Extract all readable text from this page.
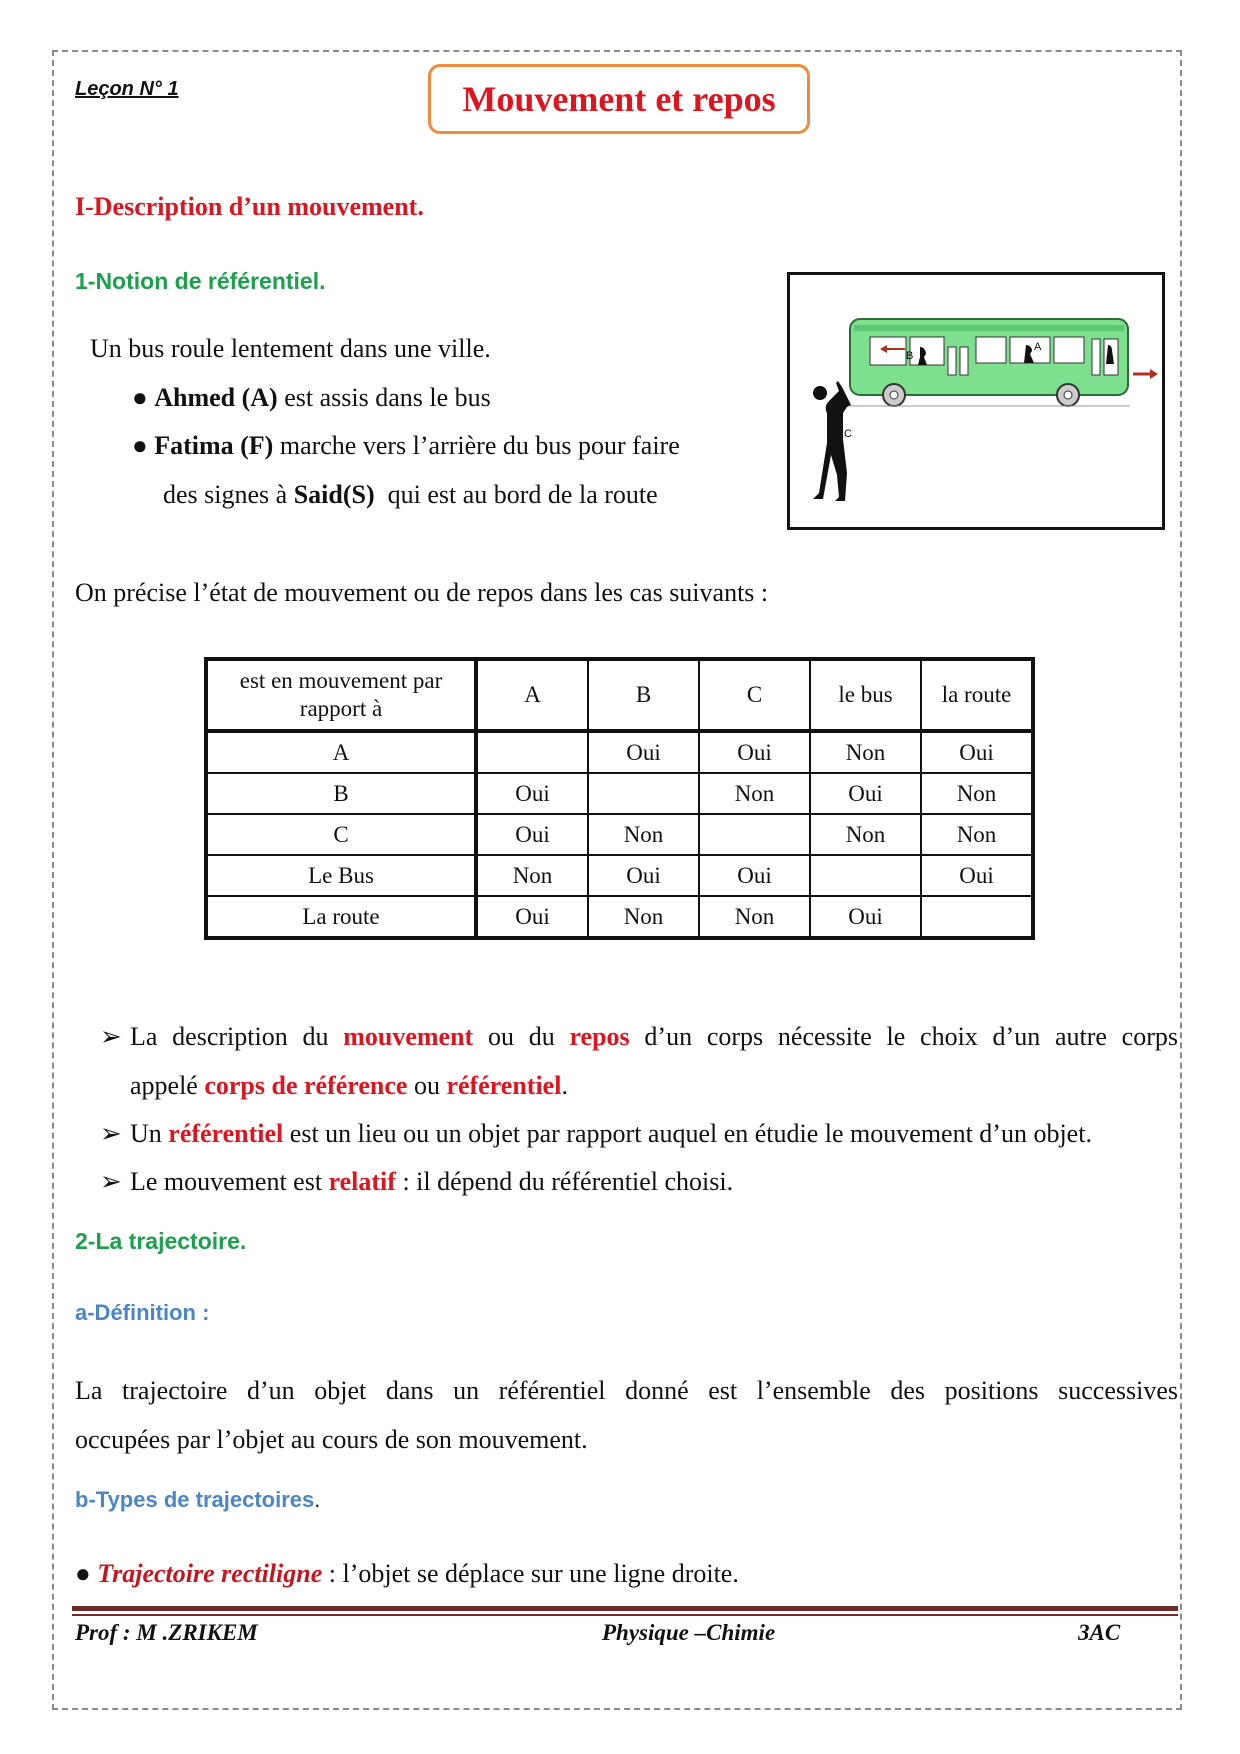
Leçon N° 1	Mouvement et repos
I-Description d’un mouvement.
1-Notion de référentiel.
Un bus roule lentement dans une ville.
● Ahmed (A) est assis dans le bus
● Fatima (F) marche vers l’arrière du bus pour faire
des signes à Said(S)  qui est au bord de la route
B
A
C
On précise l’état de mouvement ou de repos dans les cas suivants :
est en mouvement par rapport à	A	B	C	le bus	la route
A		Oui	Oui	Non	Oui
B	Oui		Non	Oui	Non
C	Oui	Non		Non	Non
Le Bus	Non	Oui	Oui		Oui
La route	Oui	Non	Non	Oui	
➢ La description du mouvement ou du repos d’un corps nécessite le choix d’un autre corps
appelé corps de référence ou référentiel.
➢ Un référentiel est un lieu ou un objet par rapport auquel en étudie le mouvement d’un objet.
➢ Le mouvement est relatif : il dépend du référentiel choisi.
2-La trajectoire.
a-Définition :
La trajectoire d’un objet dans un référentiel donné est l’ensemble des positions successives
occupées par l’objet au cours de son mouvement.
b-Types de trajectoires.
● Trajectoire rectiligne : l’objet se déplace sur une ligne droite.
Prof : M .ZRIKEM	Physique –Chimie	3AC
